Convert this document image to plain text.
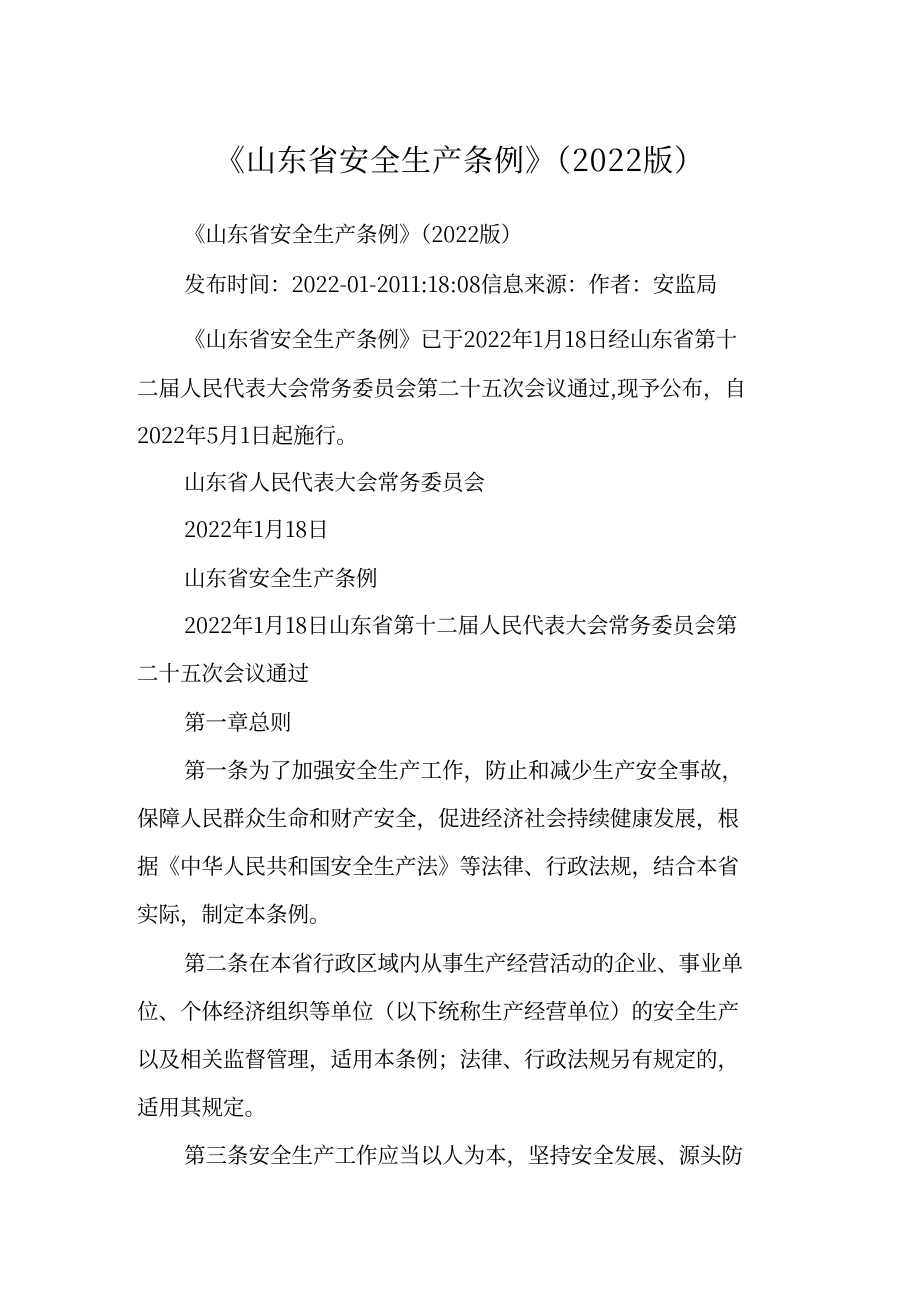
《山东省安全生产条例》（2022版）
《山东省安全生产条例》（2022版）
发布时间：2022-01-2011:18:08信息来源：作者：安监局
《山东省安全生产条例》已于2022年1月18日经山东省第十
二届人民代表大会常务委员会第二十五次会议通过,现予公布，自
2022年5月1日起施行。
山东省人民代表大会常务委员会
2022年1月18日
山东省安全生产条例
2022年1月18日山东省第十二届人民代表大会常务委员会第
二十五次会议通过
第一章总则
第一条为了加强安全生产工作，防止和减少生产安全事故，
保障人民群众生命和财产安全，促进经济社会持续健康发展，根
据《中华人民共和国安全生产法》等法律、行政法规，结合本省
实际，制定本条例。
第二条在本省行政区域内从事生产经营活动的企业、事业单
位、个体经济组织等单位（以下统称生产经营单位）的安全生产
以及相关监督管理，适用本条例；法律、行政法规另有规定的，
适用其规定。
第三条安全生产工作应当以人为本，坚持安全发展、源头防
